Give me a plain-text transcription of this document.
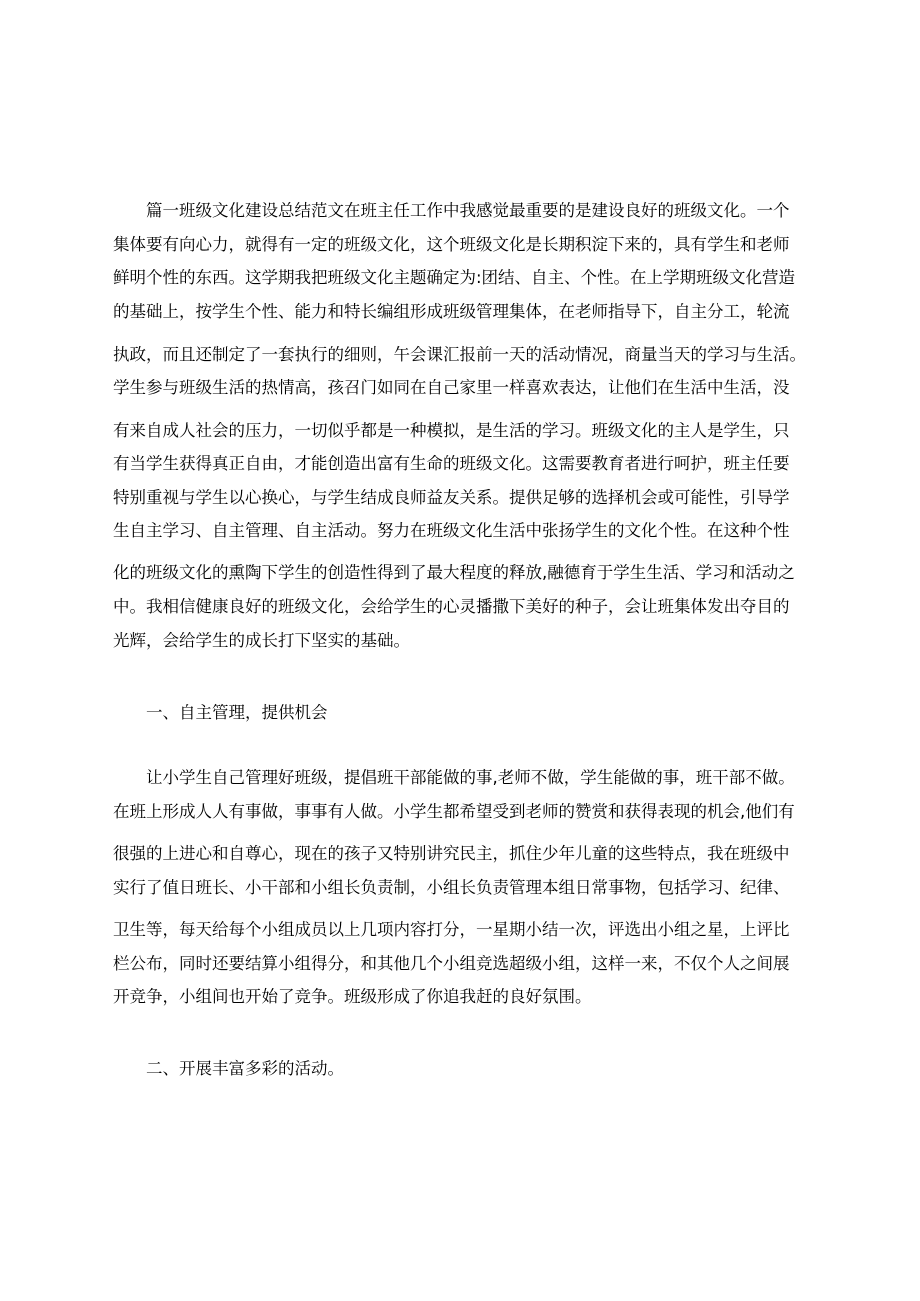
篇一班级文化建设总结范文在班主任工作中我感觉最重要的是建设良好的班级文化。一个
集体要有向心力，就得有一定的班级文化，这个班级文化是长期积淀下来的，具有学生和老师
鲜明个性的东西。这学期我把班级文化主题确定为:团结、自主、个性。在上学期班级文化营造
的基础上，按学生个性、能力和特长编组形成班级管理集体，在老师指导下，自主分工，轮流
执政，而且还制定了一套执行的细则，午会课汇报前一天的活动情况，商量当天的学习与生活。
学生参与班级生活的热情高，孩召门如同在自己家里一样喜欢表达，让他们在生活中生活，没
有来自成人社会的压力，一切似乎都是一种模拟，是生活的学习。班级文化的主人是学生，只
有当学生获得真正自由，才能创造出富有生命的班级文化。这需要教育者进行呵护，班主任要
特别重视与学生以心换心，与学生结成良师益友关系。提供足够的选择机会或可能性，引导学
生自主学习、自主管理、自主活动。努力在班级文化生活中张扬学生的文化个性。在这种个性
化的班级文化的熏陶下学生的创造性得到了最大程度的释放,融德育于学生生活、学习和活动之
中。我相信健康良好的班级文化，会给学生的心灵播撒下美好的种子，会让班集体发出夺目的
光辉，会给学生的成长打下坚实的基础。
一、自主管理，提供机会
让小学生自己管理好班级，提倡班干部能做的事,老师不做，学生能做的事，班干部不做。
在班上形成人人有事做，事事有人做。小学生都希望受到老师的赞赏和获得表现的机会,他们有
很强的上进心和自尊心，现在的孩子又特别讲究民主，抓住少年儿童的这些特点，我在班级中
实行了值日班长、小干部和小组长负责制，小组长负责管理本组日常事物，包括学习、纪律、
卫生等，每天给每个小组成员以上几项内容打分，一星期小结一次，评选出小组之星，上评比
栏公布，同时还要结算小组得分，和其他几个小组竞选超级小组，这样一来，不仅个人之间展
开竞争，小组间也开始了竞争。班级形成了你追我赶的良好氛围。
二、开展丰富多彩的活动。
